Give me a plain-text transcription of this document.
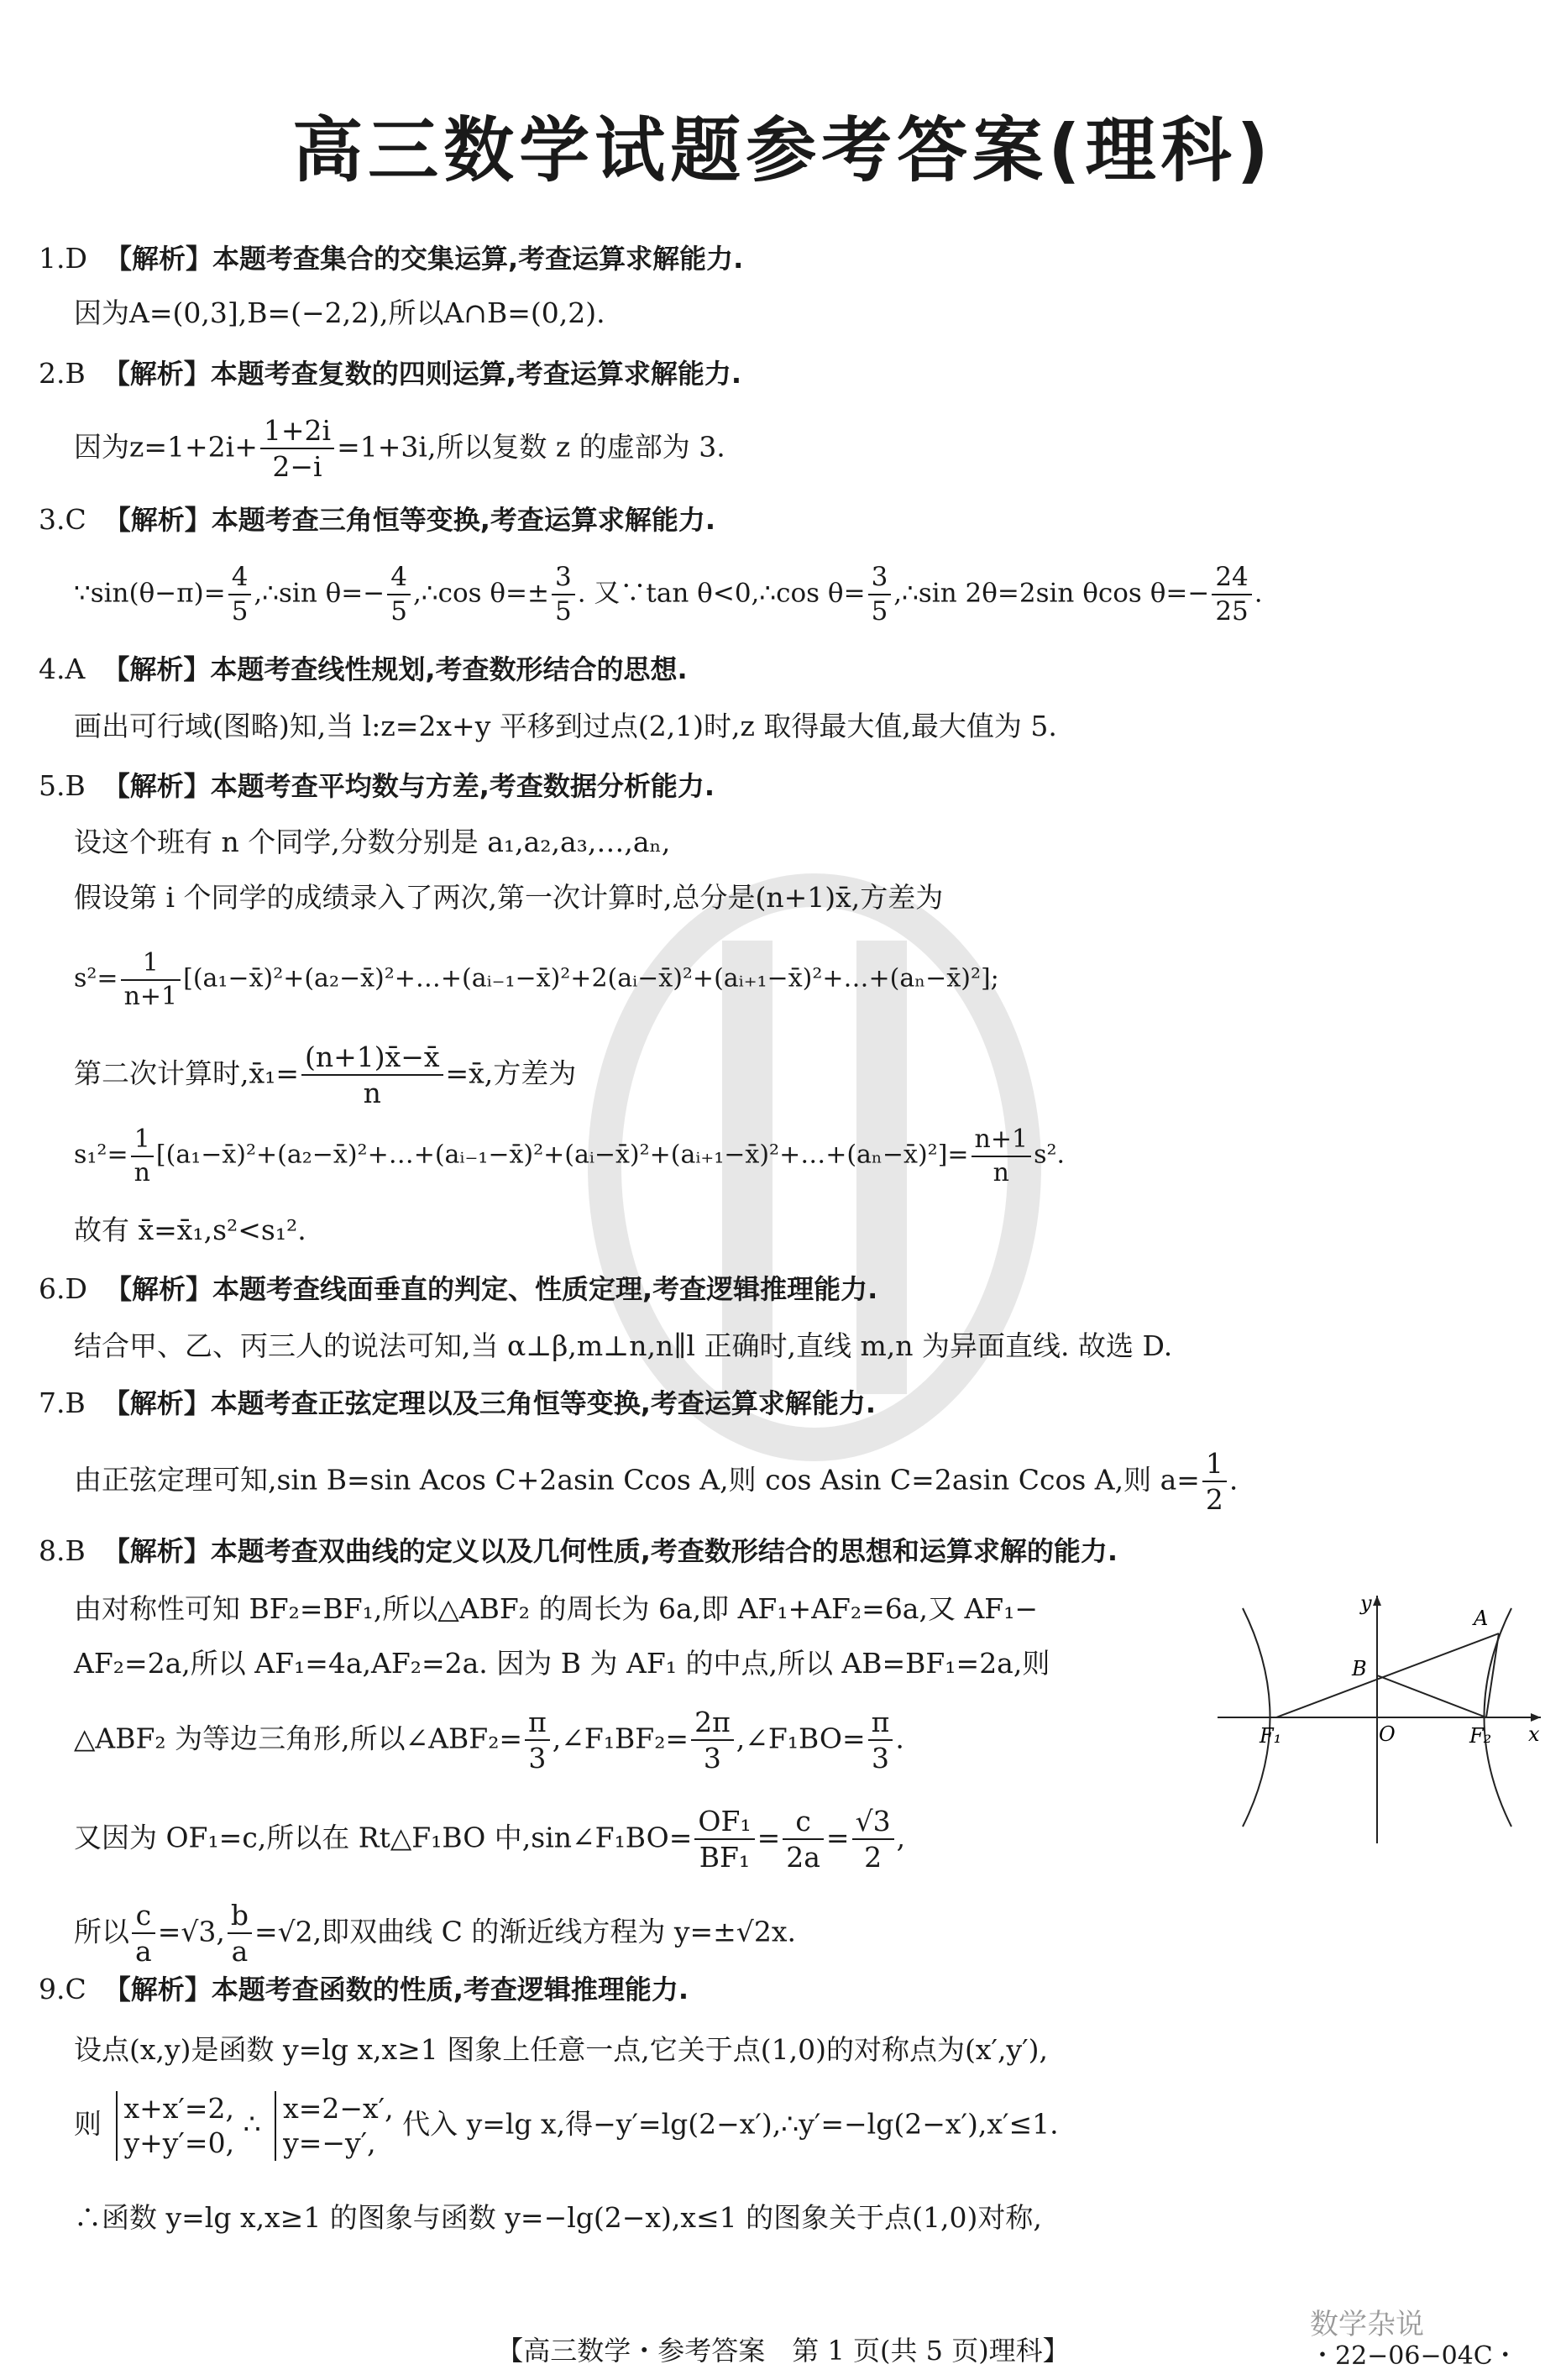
高三数学试题参考答案(理科)
1.D 【解析】本题考查集合的交集运算,考查运算求解能力.
因为A=(0,3],B=(−2,2),所以A∩B=(0,2).
2.B 【解析】本题考查复数的四则运算,考查运算求解能力.
因为$z=1+2i+ \frac{1+2i}{2-i} =1+3i$,所以复数 z 的虚部为 3.
3.C 【解析】本题考查三角恒等变换,考查运算求解能力.
∵sin(θ−π)= $\frac{4}{5}$ ,∴sin $\theta=- \frac{4}{5}$ ,∴cos $\theta=\pm \frac{3}{5}$ . 又∵tan θ<0,∴cos $\theta= \frac{3}{5}$ ,∴sin 2θ=2sin θcos $\theta=- \frac{24}{25}$ .
4.A 【解析】本题考查线性规划,考查数形结合的思想.
画出可行域(图略)知,当 l:z=2x+y 平移到过点(2,1)时,z 取得最大值,最大值为 5.
5.B 【解析】本题考查平均数与方差,考查数据分析能力.
设这个班有 n 个同学,分数分别是 a₁,a₂,a₃,…,aₙ,
假设第 i 个同学的成绩录入了两次,第一次计算时,总分是(n+1)x̄,方差为
$s^2= \frac{1}{n+1}$ [(a₁−x̄)²+(a₂−x̄)²+…+(aᵢ₋₁−x̄)²+2(aᵢ−x̄)²+(aᵢ₊₁−x̄)²+…+(aₙ−x̄)²];
第二次计算时,x̄₁= $\frac{(n+1)x̄-x̄}{n}$ =x̄,方差为
$s_1^2= \frac{1}{n}$ [(a₁−x̄)²+(a₂−x̄)²+…+(aᵢ₋₁−x̄)²+(aᵢ−x̄)²+(aᵢ₊₁−x̄)²+…+(aₙ−x̄)²]= $\frac{n+1}{n} s^2$.
故有 x̄=x̄₁,s²<s₁².
6.D 【解析】本题考查线面垂直的判定、性质定理,考查逻辑推理能力.
结合甲、乙、丙三人的说法可知,当 α⊥β,m⊥n,n∥l 正确时,直线 m,n 为异面直线. 故选 D.
7.B 【解析】本题考查正弦定理以及三角恒等变换,考查运算求解能力.
由正弦定理可知,sin B=sin Acos C+2asin Ccos A,则 cos Asin C=2asin Ccos A,则 $a= \frac{1}{2}$ .
8.B 【解析】本题考查双曲线的定义以及几何性质,考查数形结合的思想和运算求解的能力.
由对称性可知 BF₂=BF₁,所以△ABF₂ 的周长为 6a,即 AF₁+AF₂=6a,又 AF₁−
AF₂=2a,所以 AF₁=4a,AF₂=2a. 因为 B 为 AF₁ 的中点,所以 AB=BF₁=2a,则
△ABF₂ 为等边三角形,所以∠ABF₂= $\frac{\pi}{3}$ ,∠F₁BF₂= $\frac{2\pi}{3}$ ,∠F₁BO= $\frac{\pi}{3}$ .
又因为 OF₁=c,所以在 Rt△F₁BO 中,sin∠F₁BO= $\frac{\text{OF₁}}{\text{BF₁}} = \frac{c}{2a} = \frac{√3}{2}$ ,
所以 $\frac{c}{a} =√3$, $\frac{b}{a} =√2$,即双曲线 C 的渐近线方程为 y=±√2x.
y
A
B
O
F₁	F₂ x
9.C 【解析】本题考查函数的性质,考查逻辑推理能力.
设点(x,y)是函数 y=lg x,x≥1 图象上任意一点,它关于点(1,0)的对称点为(x′,y′),
则 x+x′=2,
y+y′=0,
∴ x=2−x′,
y=−y′,
代入 y=lg x,得−y′=lg(2−x′),∴y′=−lg(2−x′),x′≤1.
∴函数 y=lg x,x≥1 的图象与函数 y=−lg(2−x),x≤1 的图象关于点(1,0)对称,
数学杂说
【高三数学・参考答案　第 1 页(共 5 页)理科】	・22−06−04C・
